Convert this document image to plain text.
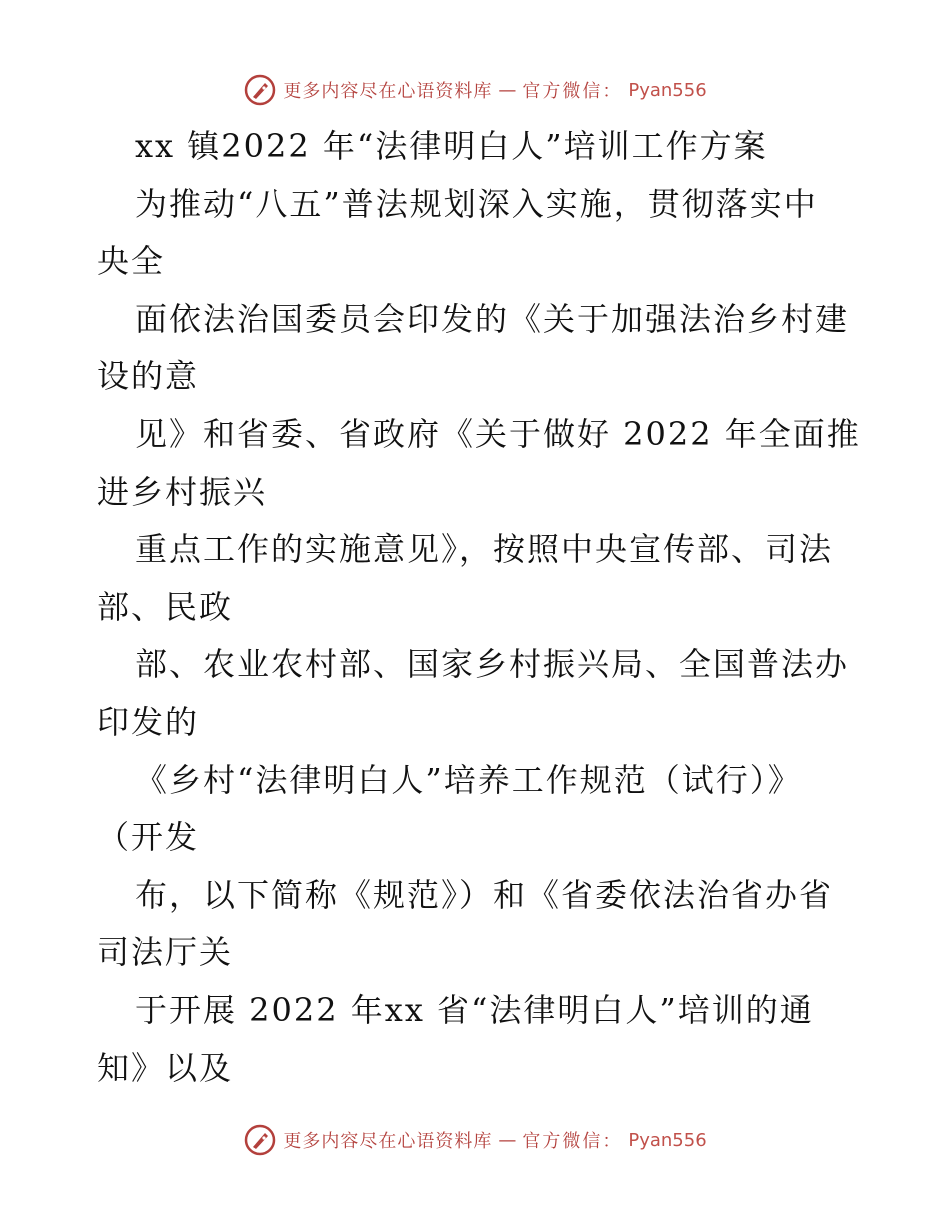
更多内容尽在心语资料库 — 官方微信： Pyan556
xx 镇2022 年“法律明白人”培训工作方案
为推动“八五”普法规划深入实施，贯彻落实中
央全
面依法治国委员会印发的《关于加强法治乡村建
设的意
见》和省委、省政府《关于做好 2022 年全面推
进乡村振兴
重点工作的实施意见》，按照中央宣传部、司法
部、民政
部、农业农村部、国家乡村振兴局、全国普法办
印发的
《乡村“法律明白人”培养工作规范（试行）》
（开发
布，以下简称《规范》）和《省委依法治省办省
司法厅关
于开展 2022 年xx 省“法律明白人”培训的通
知》以及
更多内容尽在心语资料库 — 官方微信： Pyan556
